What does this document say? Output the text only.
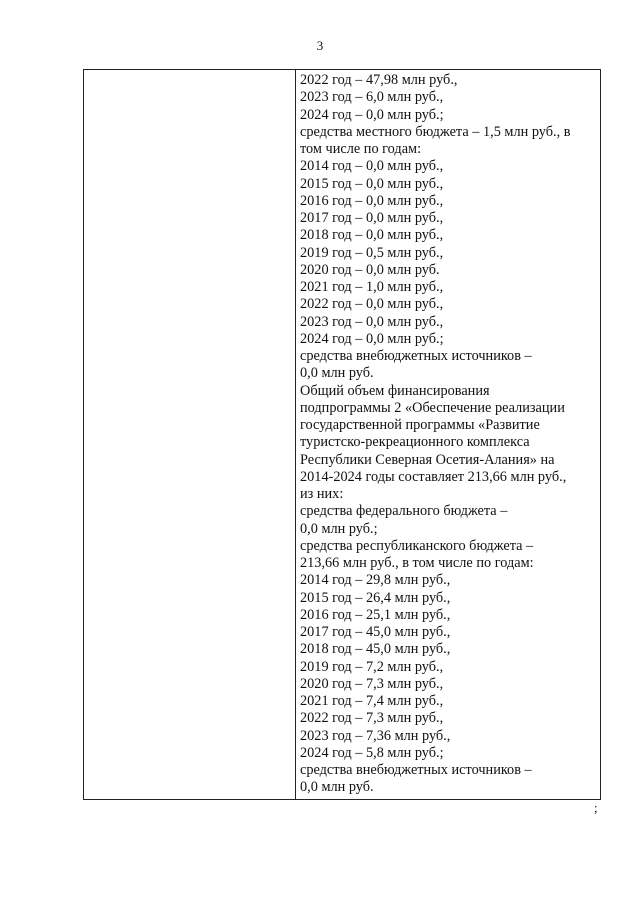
3
2022 год – 47,98 млн руб.,
2023 год – 6,0 млн руб.,
2024 год – 0,0 млн руб.;
средства местного бюджета – 1,5 млн руб., в
том числе по годам:
2014 год – 0,0 млн руб.,
2015 год – 0,0 млн руб.,
2016 год – 0,0 млн руб.,
2017 год – 0,0 млн руб.,
2018 год – 0,0 млн руб.,
2019 год – 0,5 млн руб.,
2020 год – 0,0 млн руб.
2021 год – 1,0 млн руб.,
2022 год – 0,0 млн руб.,
2023 год – 0,0 млн руб.,
2024 год – 0,0 млн руб.;
средства внебюджетных источников –
0,0 млн руб.
Общий объем финансирования
подпрограммы 2 «Обеспечение реализации
государственной программы «Развитие
туристско-рекреационного комплекса
Республики Северная Осетия-Алания» на
2014-2024 годы составляет 213,66 млн руб.,
из них:
средства федерального бюджета –
0,0 млн руб.;
средства республиканского бюджета –
213,66 млн руб., в том числе по годам:
2014 год – 29,8 млн руб.,
2015 год – 26,4 млн руб.,
2016 год – 25,1 млн руб.,
2017 год – 45,0 млн руб.,
2018 год – 45,0 млн руб.,
2019 год – 7,2 млн руб.,
2020 год – 7,3 млн руб.,
2021 год – 7,4 млн руб.,
2022 год – 7,3 млн руб.,
2023 год – 7,36 млн руб.,
2024 год – 5,8 млн руб.;
средства внебюджетных источников –
0,0 млн руб.
;
